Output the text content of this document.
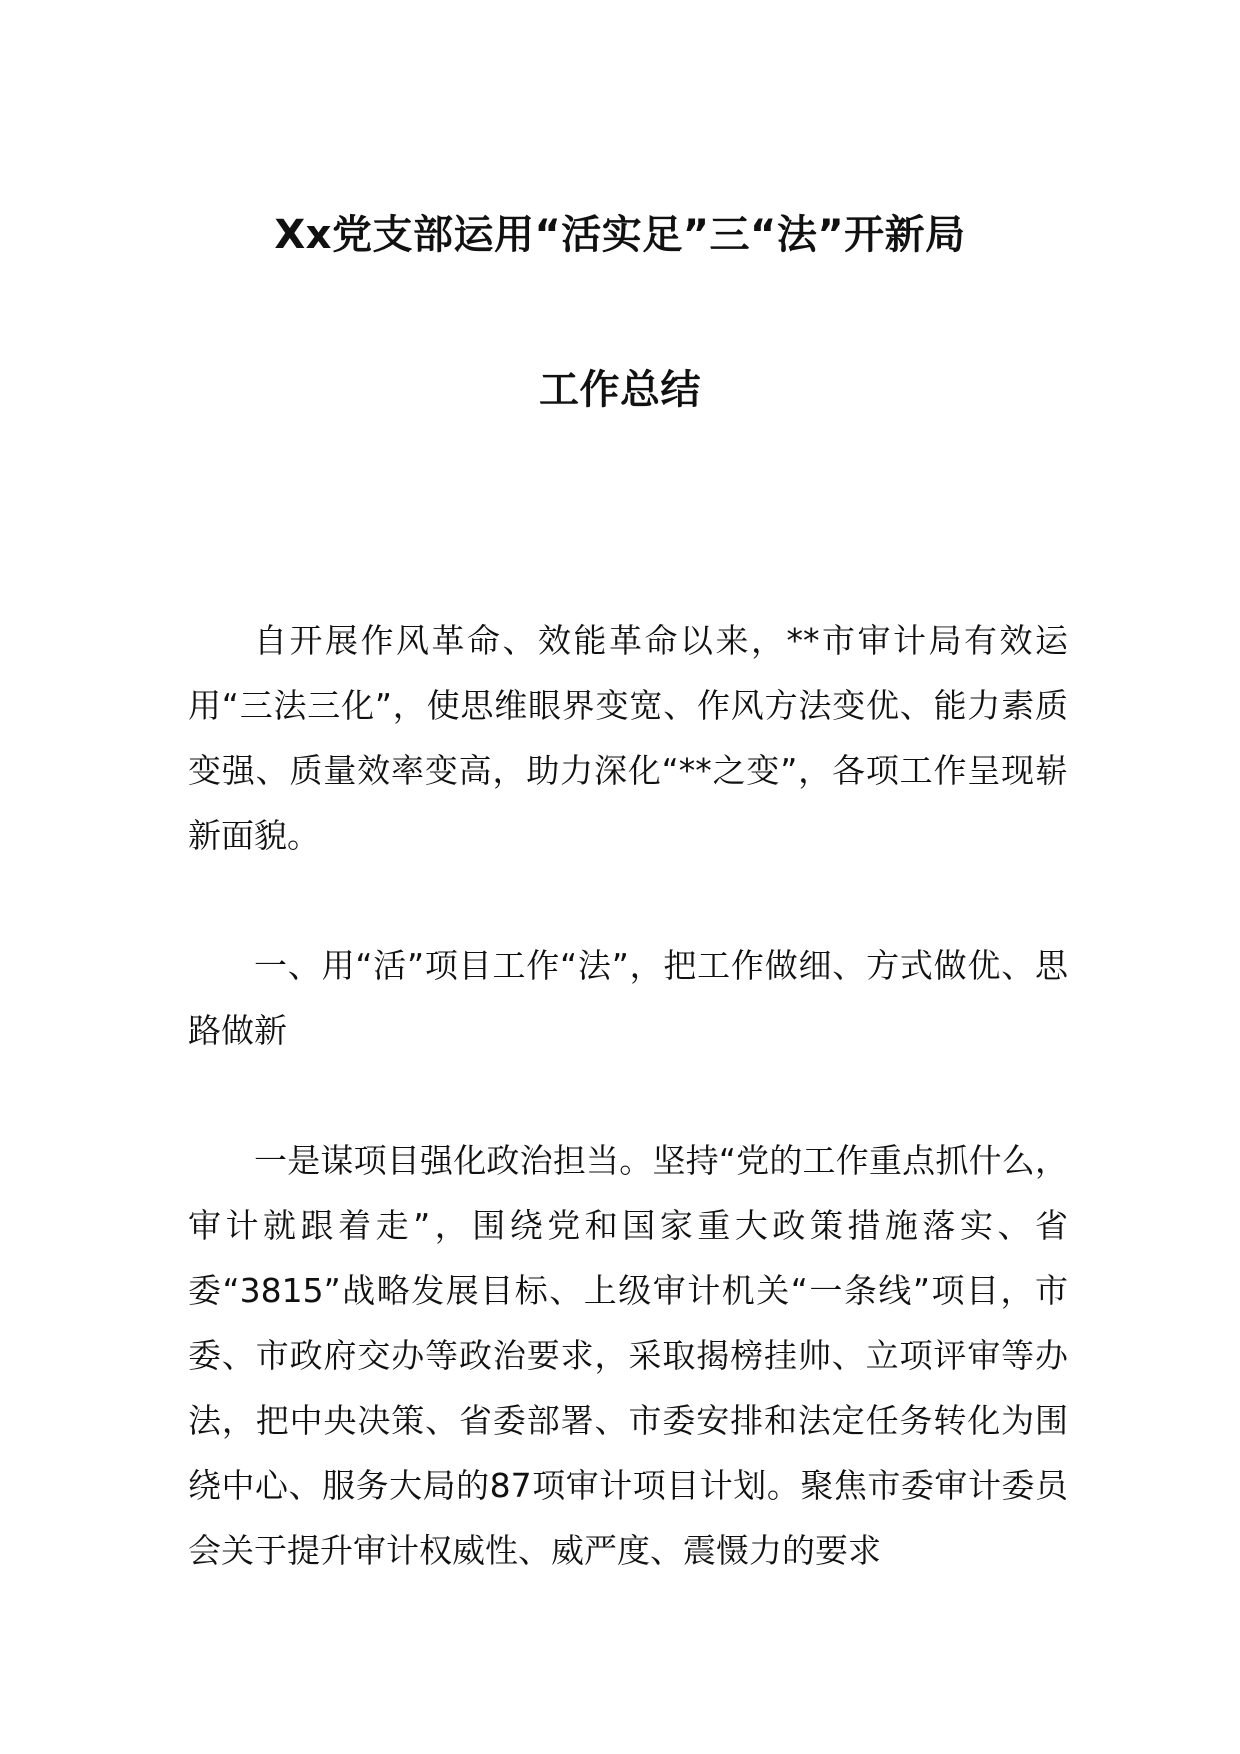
Xx党支部运用“活实足”三“法”开新局
工作总结

自开展作风革命、效能革命以来，**市审计局有效运用“三法三化”，使思维眼界变宽、作风方法变优、能力素质变强、质量效率变高，助力深化“**之变”，各项工作呈现崭新面貌。

一、用“活”项目工作“法”，把工作做细、方式做优、思路做新

一是谋项目强化政治担当。坚持“党的工作重点抓什么，审计就跟着走”，围绕党和国家重大政策措施落实、省委“3815”战略发展目标、上级审计机关“一条线”项目，市委、市政府交办等政治要求，采取揭榜挂帅、立项评审等办法，把中央决策、省委部署、市委安排和法定任务转化为围绕中心、服务大局的87项审计项目计划。聚焦市委审计委员会关于提升审计权威性、威严度、震慑力的要求
